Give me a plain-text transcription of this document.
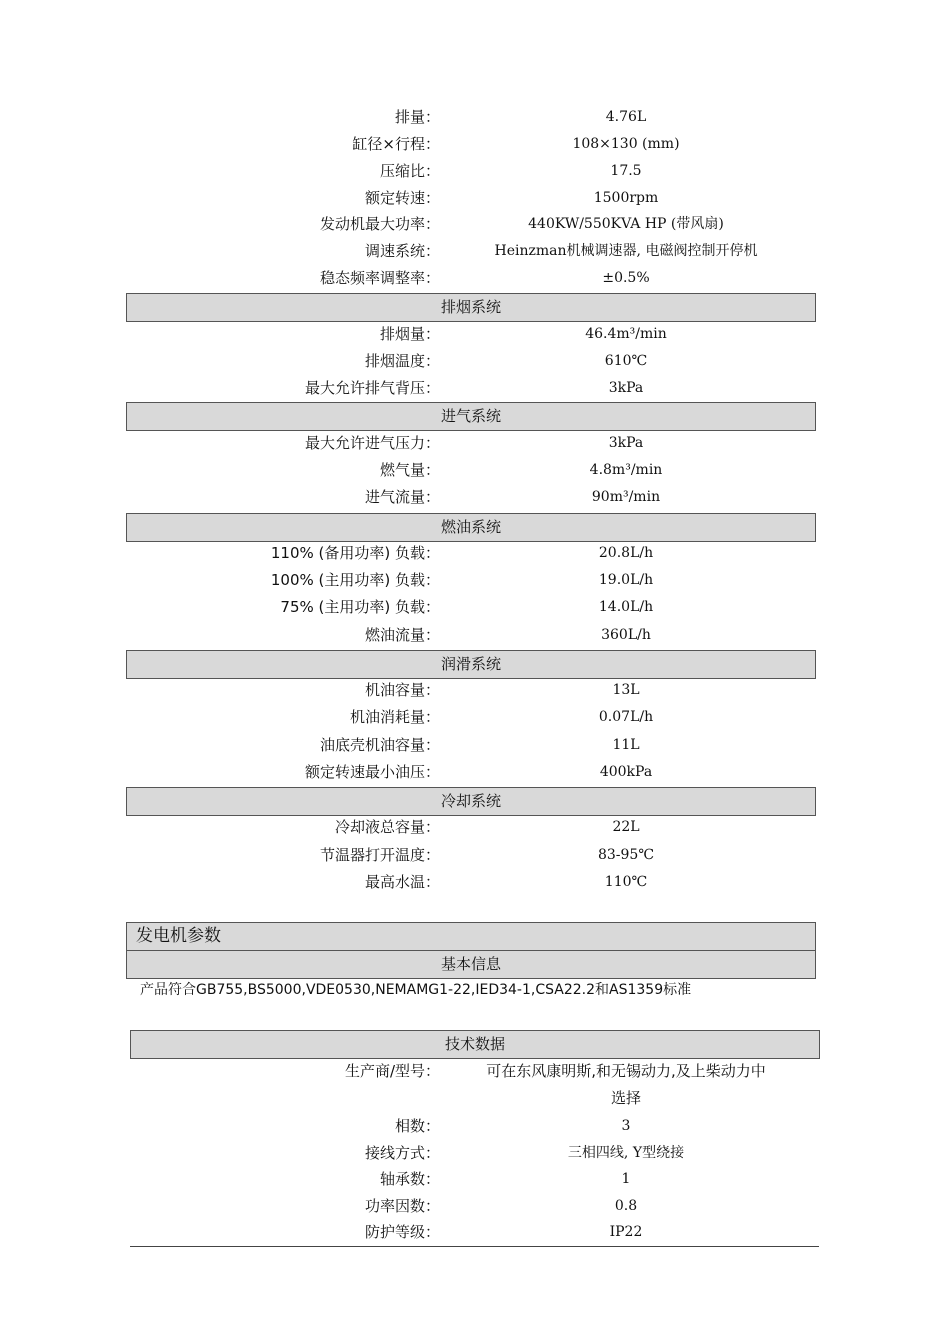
排量：	4.76L
缸径×行程：	108×130 (mm)
压缩比：	17.5
额定转速：	1500rpm
发动机最大功率：	440KW/550KVA HP (带风扇)
调速系统：	Heinzman机械调速器, 电磁阀控制开停机
稳态频率调整率：	±0.5%
排烟系统
排烟量：	46.4m³/min
排烟温度：	610℃
最大允许排气背压：	3kPa
进气系统
最大允许进气压力：	3kPa
燃气量：	4.8m³/min
进气流量：	90m³/min
燃油系统
110% (备用功率) 负载：	20.8L/h
100% (主用功率) 负载：	19.0L/h
75% (主用功率) 负载：	14.0L/h
燃油流量：	360L/h
润滑系统
机油容量：	13L
机油消耗量：	0.07L/h
油底壳机油容量：	11L
额定转速最小油压：	400kPa
冷却系统
冷却液总容量：	22L
节温器打开温度：	83-95℃
最高水温：	110℃
发电机参数
基本信息
产品符合GB755,BS5000,VDE0530,NEMAMG1-22,IED34-1,CSA22.2和AS1359标准
技术数据
生产商/型号：	可在东风康明斯,和无锡动力,及上柴动力中
选择
相数：	3
接线方式：	三相四线, Y型绕接
轴承数：	1
功率因数：	0.8
防护等级：	IP22
